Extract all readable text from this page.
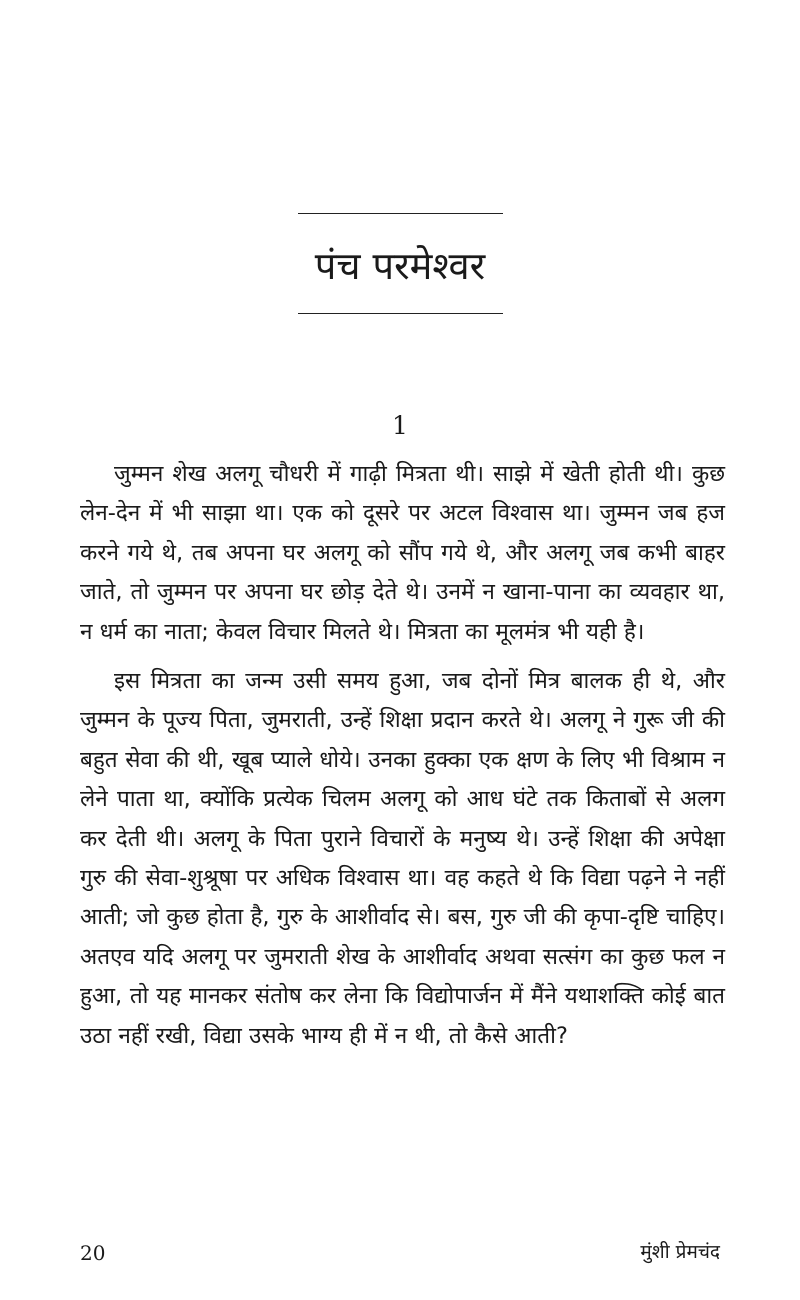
पंच परमेश्वर
1

जुम्मन शेख अलगू चौधरी में गाढ़ी मित्रता थी। साझे में खेती होती थी। कुछ लेन-देन में भी साझा था। एक को दूसरे पर अटल विश्वास था। जुम्मन जब हज करने गये थे, तब अपना घर अलगू को सौंप गये थे, और अलगू जब कभी बाहर जाते, तो जुम्मन पर अपना घर छोड़ देते थे। उनमें न खाना-पाना का व्यवहार था, न धर्म का नाता; केवल विचार मिलते थे। मित्रता का मूलमंत्र भी यही है।

इस मित्रता का जन्म उसी समय हुआ, जब दोनों मित्र बालक ही थे, और जुम्मन के पूज्य पिता, जुमराती, उन्हें शिक्षा प्रदान करते थे। अलगू ने गुरू जी की बहुत सेवा की थी, खूब प्याले धोये। उनका हुक्का एक क्षण के लिए भी विश्राम न लेने पाता था, क्योंकि प्रत्येक चिलम अलगू को आध घंटे तक किताबों से अलग कर देती थी। अलगू के पिता पुराने विचारों के मनुष्य थे। उन्हें शिक्षा की अपेक्षा गुरु की सेवा-शुश्रूषा पर अधिक विश्वास था। वह कहते थे कि विद्या पढ़ने ने नहीं आती; जो कुछ होता है, गुरु के आशीर्वाद से। बस, गुरु जी की कृपा-दृष्टि चाहिए। अतएव यदि अलगू पर जुमराती शेख के आशीर्वाद अथवा सत्संग का कुछ फल न हुआ, तो यह मानकर संतोष कर लेना कि विद्योपार्जन में मैंने यथाशक्ति कोई बात उठा नहीं रखी, विद्या उसके भाग्य ही में न थी, तो कैसे आती?

20	मुंशी प्रेमचंद
